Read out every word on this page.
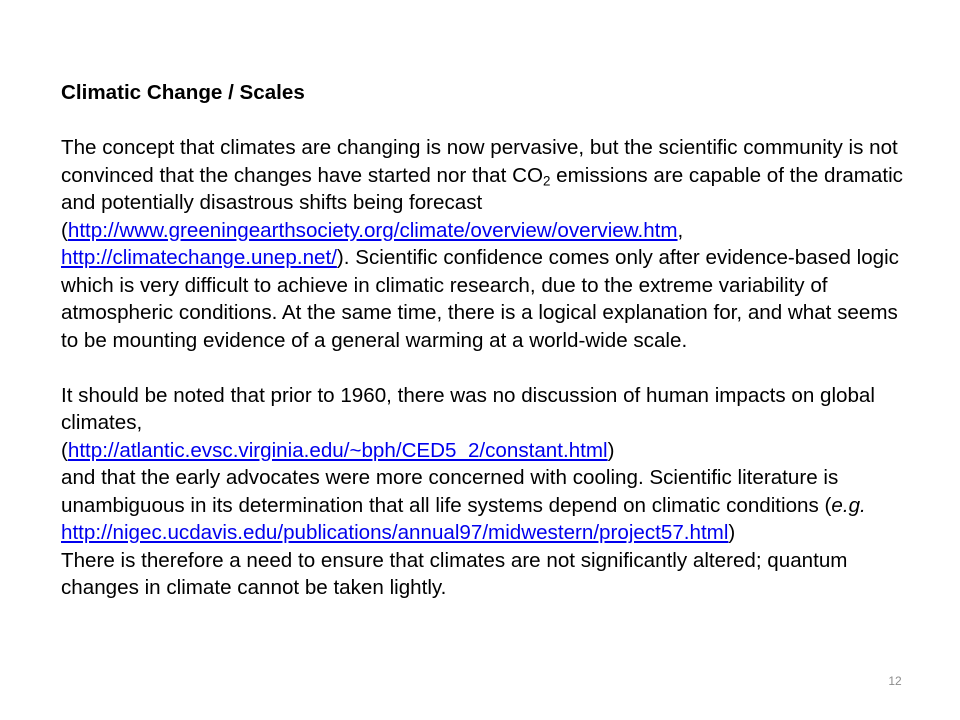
Climatic Change / Scales

The concept that climates are changing is now pervasive, but the scientific community is not convinced that the changes have started nor that $CO_2$ emissions are capable of the dramatic and potentially disastrous shifts being forecast (http://www.greeningearthsociety.org/climate/overview/overview.htm, http://climatechange.unep.net/). Scientific confidence comes only after evidence-based logic which is very difficult to achieve in climatic research, due to the extreme variability of atmospheric conditions. At the same time, there is a logical explanation for, and what seems to be mounting evidence of a general warming at a world-wide scale.

It should be noted that prior to 1960, there was no discussion of human impacts on global climates,
(http://atlantic.evsc.virginia.edu/~bph/CED5_2/constant.html)
and that the early advocates were more concerned with cooling. Scientific literature is unambiguous in its determination that all life systems depend on climatic conditions (e.g.
http://nigec.ucdavis.edu/publications/annual97/midwestern/project57.html)
There is therefore a need to ensure that climates are not significantly altered; quantum changes in climate cannot be taken lightly.

12
